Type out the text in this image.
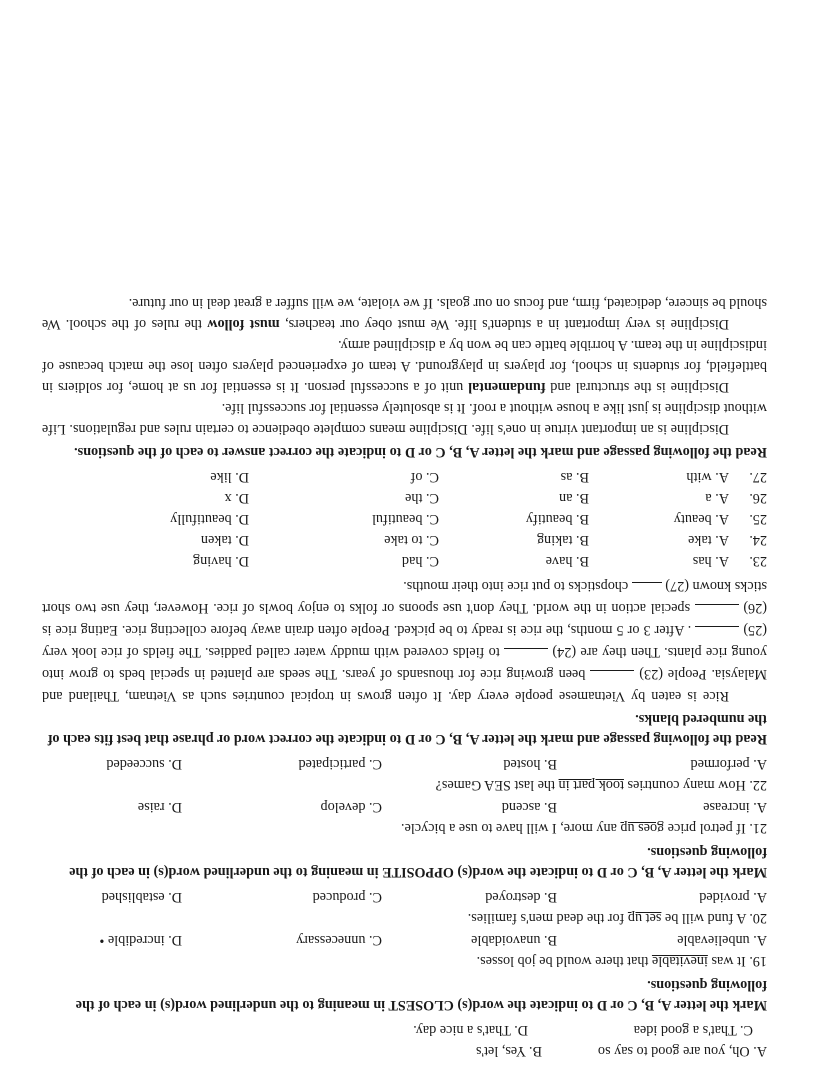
A. Oh, you are good to say so
B. Yes, let's
C. That's a good idea
D. That's a nice day.
Mark the letter A, B, C or D to indicate the word(s) CLOSEST in meaning to the underlined word(s) in each of the following questions.
19. It was inevitable that there would be job losses.
A. unbelievable
B. unavoidable
C. unnecessary
D. incredible •
20. A fund will be set up for the dead men's families.
A. provided
B. destroyed
C. produced
D. established
Mark the letter A, B, C or D to indicate the word(s) OPPOSITE in meaning to the underlined word(s) in each of the following questions.
21. If petrol price goes up any more, I will have to use a bicycle.
A. increase
B. ascend
C. develop
D. raise
22. How many countries took part in the last SEA Games?
A. performed
B. hosted
C. participated
D. succeeded
Read the following passage and mark the letter A, B, C or D to indicate the correct word or phrase that best fits each of the numbered blanks.

Rice is eaten by Vietnamese people every day. It often grows in tropical countries such as Vietnam, Thailand and Malaysia. People (23)  been growing rice for thousands of years. The seeds are planted in special beds to grow into young rice plants. Then they are (24)  to fields covered with muddy water called paddies. The fields of rice look very (25)  . After 3 or 5 months, the rice is ready to be picked. People often drain away before collecting rice. Eating rice is (26)  special action in the world. They don't use spoons or folks to enjoy bowls of rice. However, they use two short sticks known (27)  chopsticks to put rice into their mouths.

23.
A. has
B. have
C. had
D. having
24.
A. take
B. taking
C. to take
D. taken
25.
A. beauty
B. beautify
C. beautiful
D. beautifully
26.
A. a
B. an
C. the
D. x
27.
A. with
B. as
C. of
D. like
Read the following passage and mark the letter A, B, C or D to indicate the correct answer to each of the questions.

Discipline is an important virtue in one's life. Discipline means complete obedience to certain rules and regulations. Life without discipline is just like a house without a roof. It is absolutely essential for successful life.

Discipline is the structural and fundamental unit of a successful person. It is essential for us at home, for soldiers in battlefield, for students in school, for players in playground. A team of experienced players often lose the match because of indiscipline in the team. A horrible battle can be won by a disciplined army.

Discipline is very important in a student's life. We must obey our teachers, must follow the rules of the school. We should be sincere, dedicated, firm, and focus on our goals. If we violate, we will suffer a great deal in our future.
